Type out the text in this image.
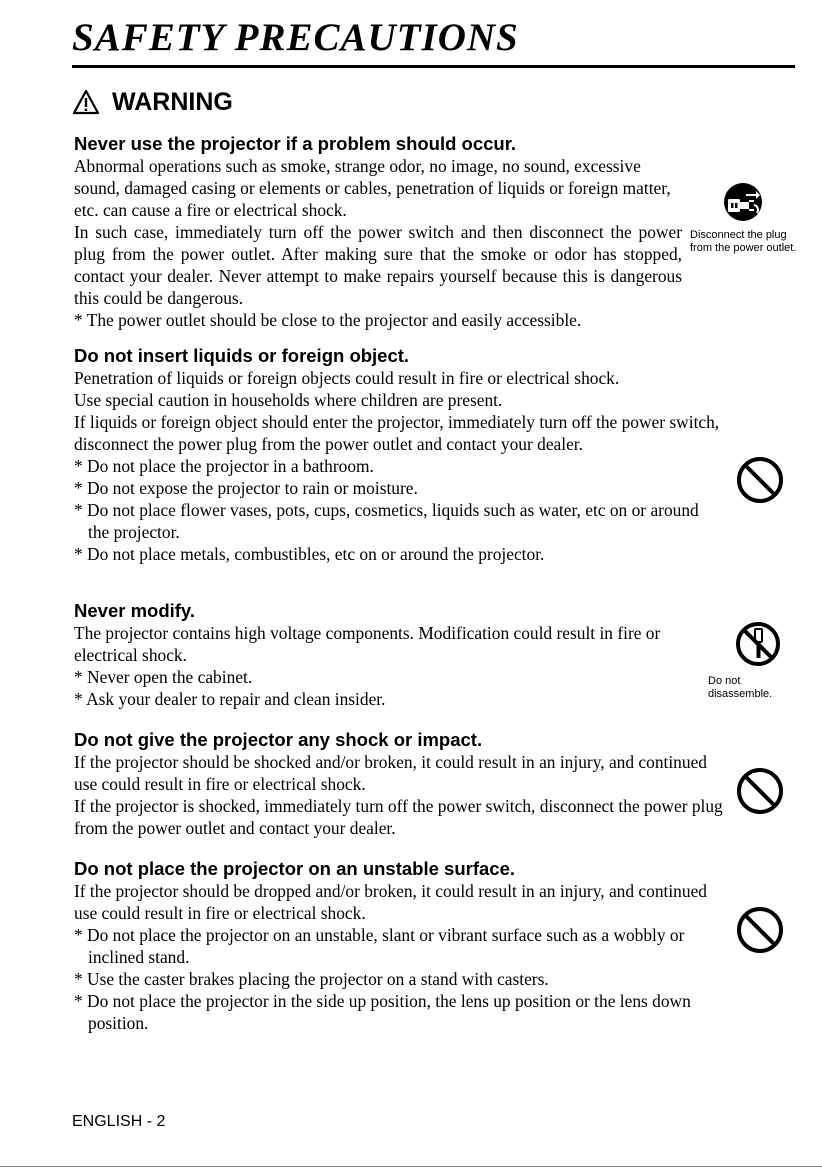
SAFETY PRECAUTIONS
WARNING
Never use the projector if a problem should occur.

Abnormal operations such as smoke, strange odor, no image, no sound, excessive sound, damaged casing or elements or cables, penetration of liquids or foreign matter, etc. can cause a fire or electrical shock.

In such case, immediately turn off the power switch and then disconnect the power plug from the power outlet. After making sure that the smoke or odor has stopped, contact your dealer. Never attempt to make repairs yourself because this is dangerous this could be dangerous.

* The power outlet should be close to the projector and easily accessible.

Disconnect the plug from the power outlet.
Do not insert liquids or foreign object.

Penetration of liquids or foreign objects could result in fire or electrical shock.

Use special caution in households where children are present.

If liquids or foreign object should enter the projector, immediately turn off the power switch, disconnect the power plug from the power outlet and contact your dealer.

* Do not place the projector in a bathroom.

* Do not expose the projector to rain or moisture.

* Do not place flower vases, pots, cups, cosmetics, liquids such as water, etc on or around the projector.

* Do not place metals, combustibles, etc on or around the projector.

Never modify.

The projector contains high voltage components. Modification could result in fire or electrical shock.

* Never open the cabinet.

* Ask your dealer to repair and clean insider.

Do not disassemble.
Do not give the projector any shock or impact.

If the projector should be shocked and/or broken, it could result in an injury, and continued use could result in fire or electrical shock.

If the projector is shocked, immediately turn off the power switch, disconnect the power plug from the power outlet and contact your dealer.

Do not place the projector on an unstable surface.

If the projector should be dropped and/or broken, it could result in an injury, and continued use could result in fire or electrical shock.

* Do not place the projector on an unstable, slant or vibrant surface such as a wobbly or inclined stand.

* Use the caster brakes placing the projector on a stand with casters.

* Do not place the projector in the side up position, the lens up position or the lens down position.

ENGLISH - 2
